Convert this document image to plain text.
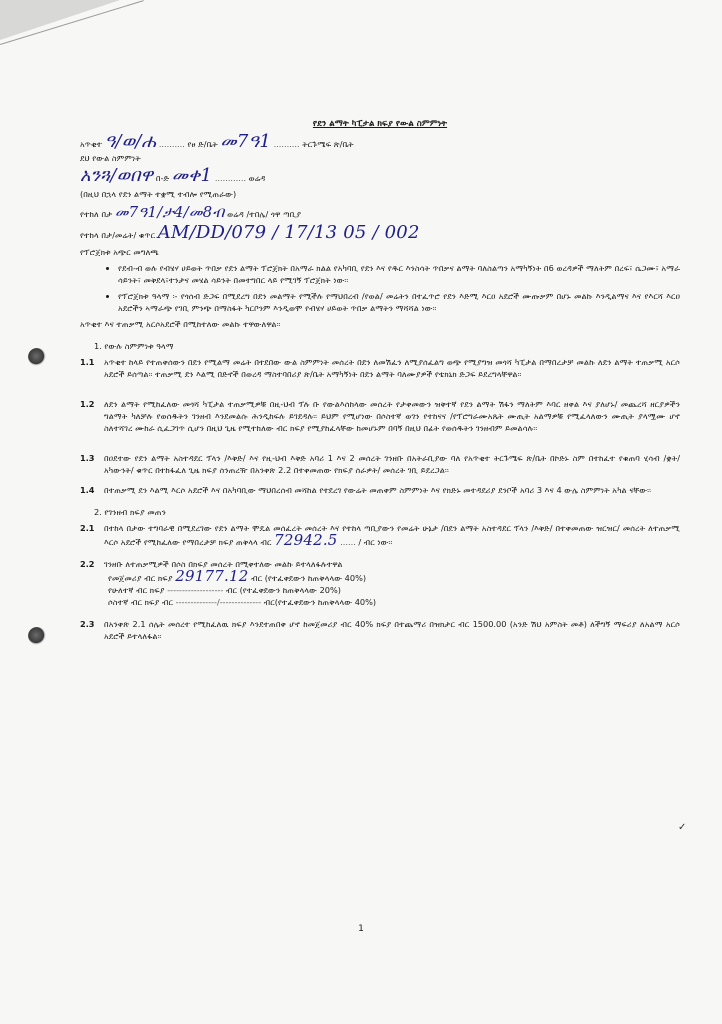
የደን ልማት ካፒታል ክፍያ የውል ስምምነት
አጥቂተ ዓ/ወ/ሐ .......... የፀ ድ/ቤት መ7ዓ1 .......... ትርጉሜፍ ጽ/ቤት
ደህ የውል ስምምነት
አንጓ/ወበዋ በ-ድ መቀ1 ............ ወሬዳ
(በዚህ በኋላ የደን ልማት ተቋሚ ተብሎ የሚጠራው)
የተከለ በታ መ7ዓ1/ታ4/መ8ብ ወሬዳ /ተበሌ/ ጎዋ ጣቢያ
የተከላ በታ/መሬት/ ቁጥር AM/DD/079 / 17/13 05 / 002
የፕሮጀክቱ አጭር መግለጫ
• የደብ-ብ ወሉ የብሄሃ ሀይወት ጥበቃ የደን ልማት ፕሮጀክት በአማራ ክልል የአካባቢ የደን እና የዱር እንስሳት ጥበቃና ልማት ባለስልጣን አማካኝነት በ6 ወረዳዎች ማለትም በረፍ፣ ሴጋሙ፣ አማራ ሳይንት፣ መቅደላ፣ተንታና መሄል ሳይንት በመተግበር ላይ የሚገኝ ፕሮጀክት ነው፡፡
• የፕሮጀክቱ ዓላማ ፡- የጎሰብ ድጋፍ በሚደረግ በደን መልማት የሚችሉ የማህበረብ /የወል/ መሬትን በተፈጥሮ የደን እድሚ እርዐ አደሮች ሙጡቃም በሆኑ መልኩ እንዲልማና እና የእርሻ እርዐ አደሮችን ኣማራጭ የገቢ ምንጭ በማስፋት ካርቦንም እንዲወሞ የብሄሃ ሀይወት ጥበቃ ልማትን ማሻሻል ነው፡፡
አጥቂተ እና ተጠቃሚ አርሶአደሮች በሚከተለው መልኩ ተዋውለዋል፡፡
1. የውሉ ስምምነቱ ዓላማ
1.1	አጥቂተ ከላይ የተጠቀሰውን በደን የሚልማ መሬት በተደበው ውል ስምምነት መሰረት በደን ለመሽፈን ለሚያሰፈልግ ወጭ የሚያግዝ መጎሻ ካፒታል በማበረታቻ መልኩ ለደን ልማት ተጠቃሚ አርሶ አደሮች ይሰጣል፡፡ ተጠቃሚ ደን እልሚ በድኖች በወረዳ ማስተባበሪያ ጽ/ቤት አማካኝነት በደን ልማት ባለሙያዎች የቴክኒክ ድጋፍ ይደረግላቸዋል፡፡
1.2	ለደን ልማት የሚከፈለው መጎሻ ካፒታል ተጠቃሚዎቹ በዚ-ህብ ፕሉ ቡ የውልእሰከላው መሰረት የታቀመውን ዝቅተኛ የደን ልማት ሽፋን ማለትም እባር ዘቀል እና ያለሆኑ/ መጨረሻ ዘርያዎችን ግልማት ካለቻሉ የወሰዱትን ገንዘብ እንደመልሱ ሕንዲከፍሉ ይገደዳሉ፡፡ ይህም የሚሆነው በሶስተኛ ወገን የተከናና /የፕሮግራሙአጼት ሙጢት አልማዎቹ የሚፈላለውን ሙጢት ያላሟሙ ሆኖ ስለተሻገረ ሙከራ ሲፈጋገጥ ሲሆን በዚህ ጊዜ የሚተከለው ብር ክፍያ የሚያከፈላቸው ከመሆኑም በባኝ በዚህ በፊት የወሰዱትን ገንዘብም ይመልሳሉ፡፡
1.3	በዐደተው የደን ልማት አስተዳደር ፕላን /እቅድ/ እና የዚ-ህብ እቅድ አባሪ 1 እና 2 መሰረት ገንዘቡ በአትራቢያው ባለ የአጥቂተ ትርጉሜፍ ጽ/ቤት በኮድኑ ስም በተከፈተ የቁጠባ ሂሳብ /ቋት/ አካውንት/ ቁጥር በተከፋፈለ ጊዜ ክፍያ ሰንጠረዥ በአንቀጽ 2.2 በተቀመጠው የክፍያ ሰራዎት/ መሰረት ገቢ ይደረጋል፡፡
1.4	በተጠቃሚ ደን እልሚ እርሶ አደሮች እና በአካባቢው ማህበረሰብ መሻከል የተደረገ የውሬት መጠቀም ስምምነት እና የክድኑ መተዳደሪያ ደንቦች አባሪ 3 እና 4 ውሌ ስምምነት አካል ናቸው፡፡
2. የገንዘብ ክፍያ መጠን
2.1	በተከላ በታው ተግባራዊ በሚደረገው የደን ልማት ሞዴል መሰፈረት መሰረት እና የተከላ ጣቢያውን የመሬት ሁኔታ /በደን ልማት አስተዳደር ፕላን /እቅድ/ በተቀመጠው ዝርዝር/ መሰረት ለተጠቃሚ እርሶ አደሮች የሚከፈለው የማበረታቻ ክፍያ ጠቅላላ ብር 72942.5 ...... / ብር ነው፡፡
2.2	ገንዘቡ ለተጠቃሚዎች በሶስ በክፍያ መሰረት በሚቀተለው መልኩ ይተላለፋሉተዋል
የመጀመሪያ ብር ክፍያ 29177.12 ብር (የተፈቀደውን ከጠቅላላው 40%)
የሁለተኛ ብር ክፍያ ------------------- ብር (የተፈቀደውን ከጠቅላላው 20%)
ሶስተኛ ብር ክፍያ ብር --------------/-------------- ብር(የተፈቀደውን ከጠቅላላው 40%)
2.3	በአንቀጽ 2.1 ሰሌት መሰረተ የሚከፈለዉ ክፍያ እንደተጠበቀ ሆኖ ከመጀመሪያ ብር 40% ክፍያ በተጨማሪ በዝክታር ብር 1500.00 (አንድ ሽህ አምስት መቶ) ለችግኝ ማፍሪያ ለአልማ አርሶ አደሮች ይተላለፋል፡፡
✓
1
